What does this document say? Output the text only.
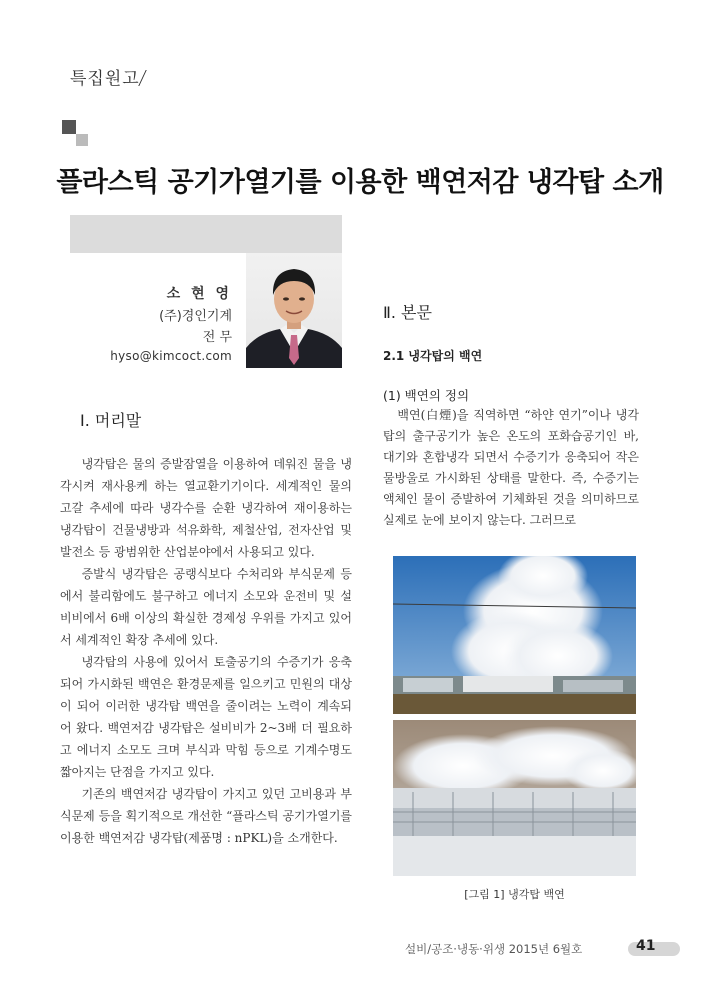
특집원고
플라스틱 공기가열기를 이용한 백연저감 냉각탑 소개
소 현 영
(주)경인기계
전 무
hyso@kimcoct.com
Ⅰ. 머리말

냉각탑은 물의 증발잠열을 이용하여 데워진 물을 냉각시켜 재사용케 하는 열교환기기이다. 세계적인 물의 고갈 추세에 따라 냉각수를 순환 냉각하여 재이용하는 냉각탑이 건물냉방과 석유화학, 제철산업, 전자산업 및 발전소 등 광범위한 산업분야에서 사용되고 있다.

증발식 냉각탑은 공랭식보다 수처리와 부식문제 등에서 불리함에도 불구하고 에너지 소모와 운전비 및 설비비에서 6배 이상의 확실한 경제성 우위를 가지고 있어서 세계적인 확장 추세에 있다.

냉각탑의 사용에 있어서 토출공기의 수증기가 응축되어 가시화된 백연은 환경문제를 일으키고 민원의 대상이 되어 이러한 냉각탑 백연을 줄이려는 노력이 계속되어 왔다. 백연저감 냉각탑은 설비비가 2~3배 더 필요하고 에너지 소모도 크며 부식과 막힘 등으로 기계수명도 짧아지는 단점을 가지고 있다.

기존의 백연저감 냉각탑이 가지고 있던 고비용과 부식문제 등을 획기적으로 개선한 “플라스틱 공기가열기를 이용한 백연저감 냉각탑(제품명 : nPKL)을 소개한다.

Ⅱ. 본문
2.1 냉각탑의 백연
(1) 백연의 정의

백연(白煙)을 직역하면 “하얀 연기”이나 냉각탑의 출구공기가 높은 온도의 포화습공기인 바, 대기와 혼합냉각 되면서 수증기가 응축되어 작은 물방울로 가시화된 상태를 말한다. 즉, 수증기는 액체인 물이 증발하여 기체화된 것을 의미하므로 실제로 눈에 보이지 않는다. 그러므로

[그림 1] 냉각탑 백연
설비/공조·냉동·위생 2015년 6월호	41
